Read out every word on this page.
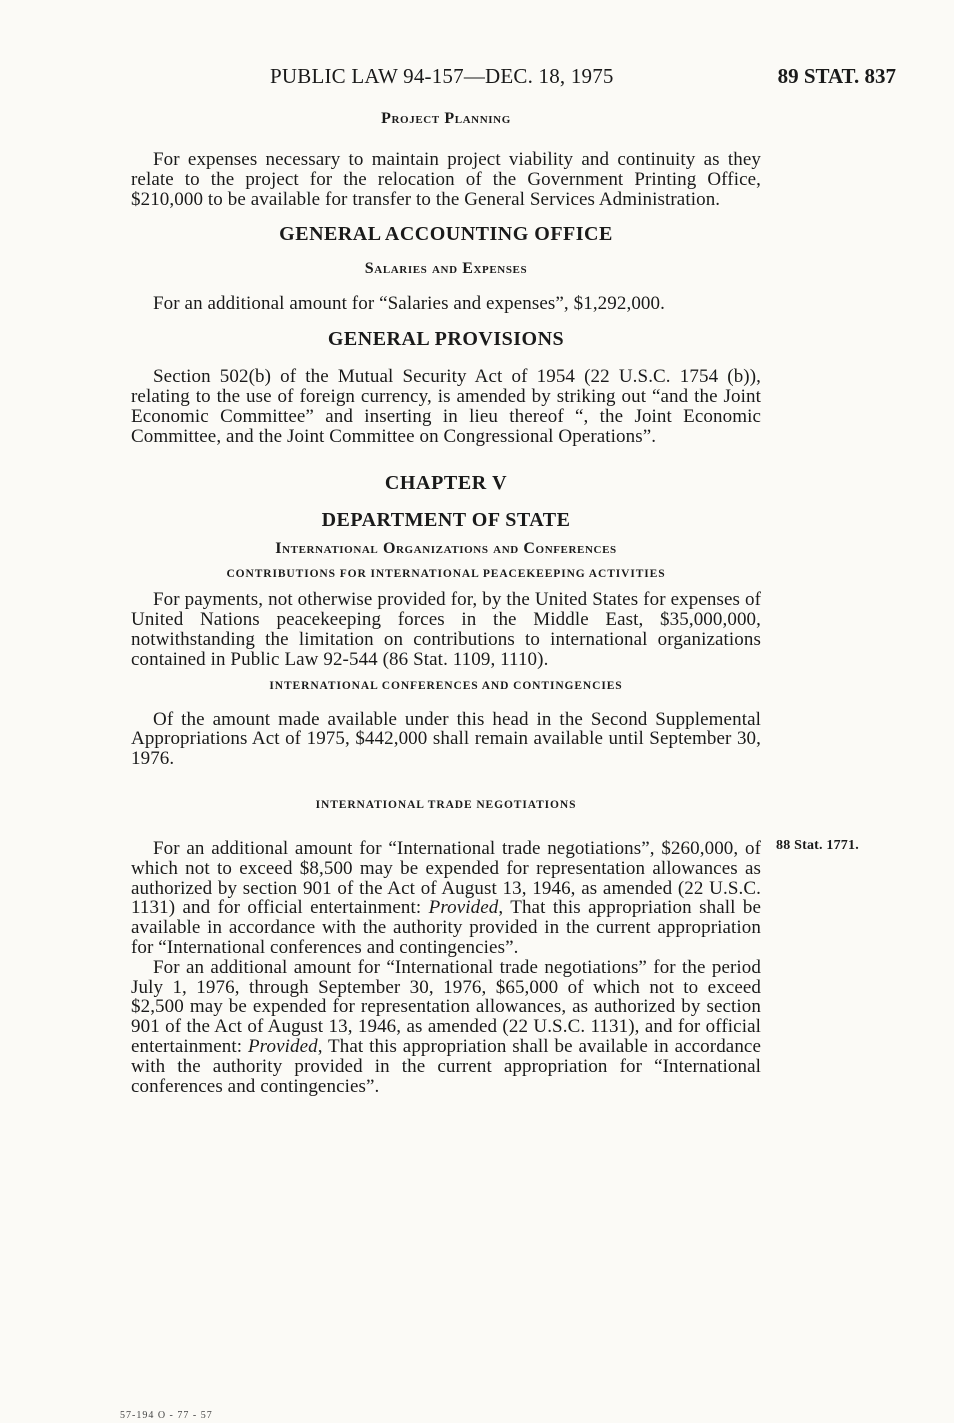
PUBLIC LAW 94-157—DEC. 18, 1975	89 STAT. 837
Project Planning

For expenses necessary to maintain project viability and continuity as they relate to the project for the relocation of the Government Printing Office, $210,000 to be available for transfer to the General Services Administration.

GENERAL ACCOUNTING OFFICE
Salaries and Expenses

For an additional amount for “Salaries and expenses”, $1,292,000.

GENERAL PROVISIONS

Section 502(b) of the Mutual Security Act of 1954 (22 U.S.C. 1754 (b)), relating to the use of foreign currency, is amended by striking out “and the Joint Economic Committee” and inserting in lieu thereof “, the Joint Economic Committee, and the Joint Committee on Congressional Operations”.

CHAPTER V
DEPARTMENT OF STATE
International Organizations and Conferences
CONTRIBUTIONS FOR INTERNATIONAL PEACEKEEPING ACTIVITIES

For payments, not otherwise provided for, by the United States for expenses of United Nations peacekeeping forces in the Middle East, $35,000,000, notwithstanding the limitation on contributions to international organizations contained in Public Law 92-544 (86 Stat. 1109, 1110).

INTERNATIONAL CONFERENCES AND CONTINGENCIES

Of the amount made available under this head in the Second Supplemental Appropriations Act of 1975, $442,000 shall remain available until September 30, 1976.

INTERNATIONAL TRADE NEGOTIATIONS

For an additional amount for “International trade negotiations”, $260,000, of which not to exceed $8,500 may be expended for representation allowances as authorized by section 901 of the Act of August 13, 1946, as amended (22 U.S.C. 1131) and for official entertainment: Provided, That this appropriation shall be available in accordance with the authority provided in the current appropriation for “International conferences and contingencies”.

For an additional amount for “International trade negotiations” for the period July 1, 1976, through September 30, 1976, $65,000 of which not to exceed $2,500 may be expended for representation allowances, as authorized by section 901 of the Act of August 13, 1946, as amended (22 U.S.C. 1131), and for official entertainment: Provided, That this appropriation shall be available in accordance with the authority provided in the current appropriation for “International conferences and contingencies”.

88 Stat. 1771.
57-194 O - 77 - 57
